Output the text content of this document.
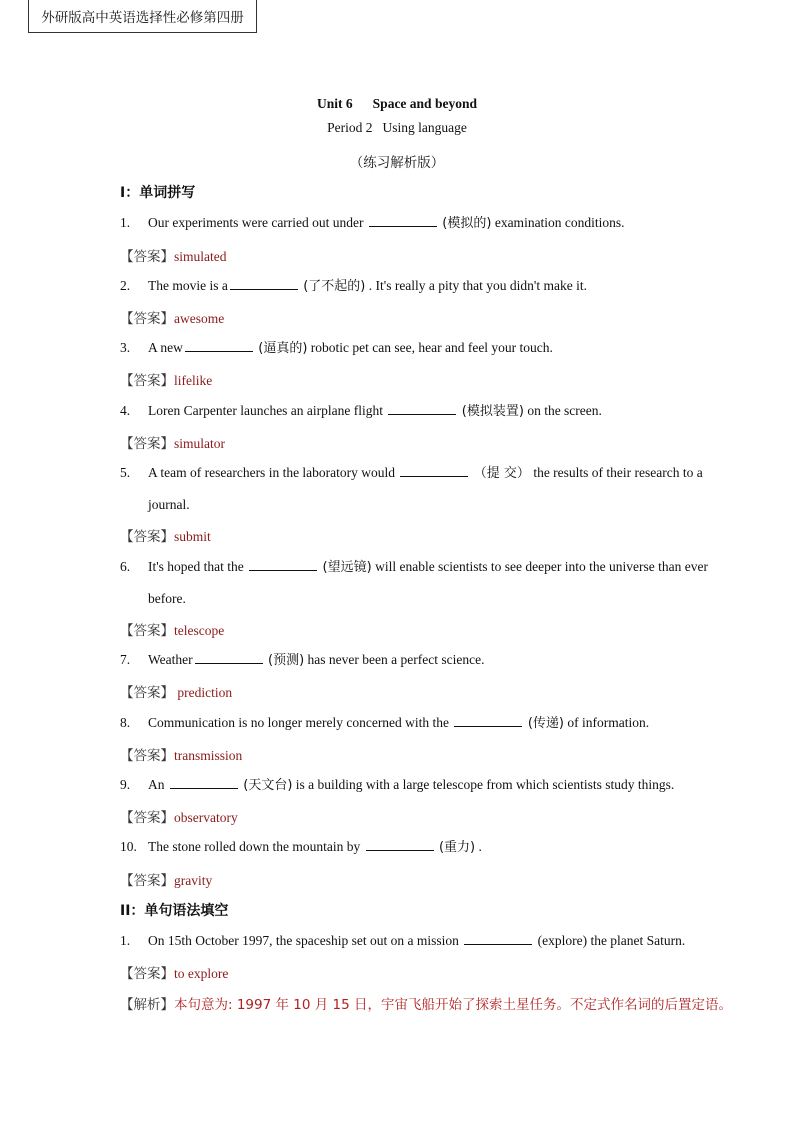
外研版高中英语选择性必修第四册
Unit 6 Space and beyond
Period 2 Using language
（练习解析版）
I：单词拼写
1. Our experiments were carried out under	(模拟的) examination conditions.
【答案】simulated
2. The movie is a	(了不起的) . It's really a pity that you didn't make it.
【答案】awesome
3. A new	(逼真的) robotic pet can see, hear and feel your touch.
【答案】lifelike
4. Loren Carpenter launches an airplane flight	(模拟装置) on the screen.
【答案】simulator
5. A team of researchers in the laboratory would	（提 交） the results of their research to a
journal.
【答案】submit
6. It's hoped that the	(望远镜) will enable scientists to see deeper into the universe than ever
before.
【答案】telescope
7. Weather	(预测) has never been a perfect science.
【答案】 prediction
8. Communication is no longer merely concerned with the	(传递) of information.
【答案】transmission
9. An	(天文台) is a building with a large telescope from which scientists study things.
【答案】observatory
10. The stone rolled down the mountain by	(重力) .
【答案】gravity
II：单句语法填空
1. On 15th October 1997, the spaceship set out on a mission	(explore) the planet Saturn.
【答案】to explore
【解析】本句意为: 1997 年 10 月 15 日，宇宙飞船开始了探索土星任务。不定式作名词的后置定语。
